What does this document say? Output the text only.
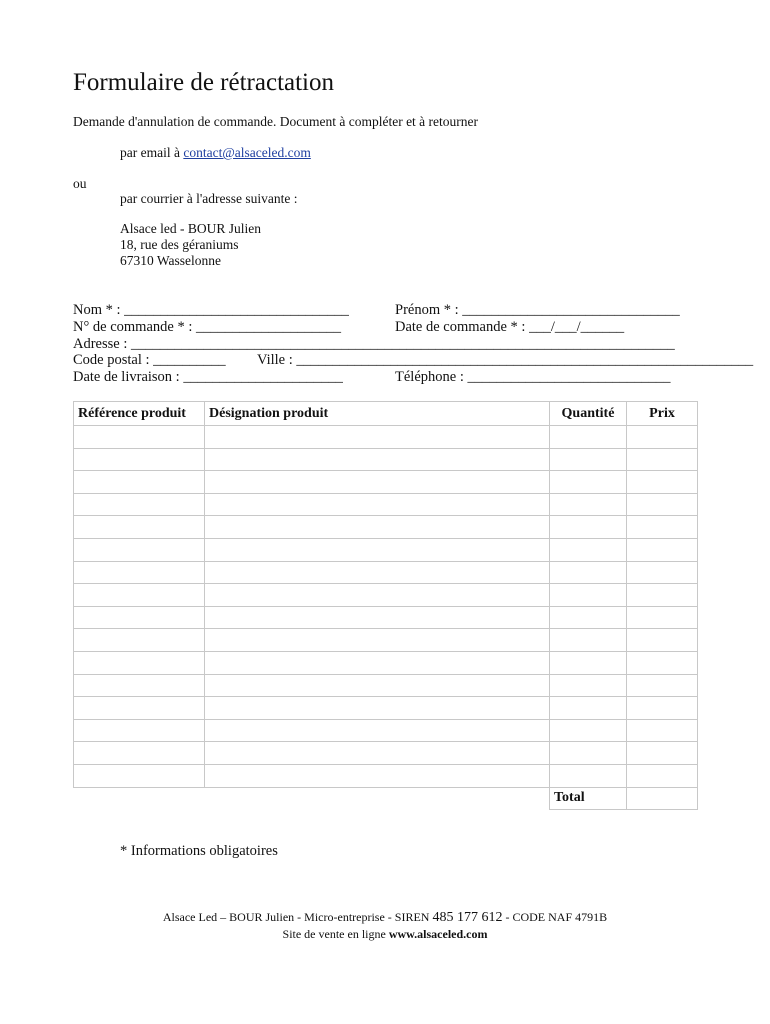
Formulaire de rétractation
Demande d'annulation de commande. Document à compléter et à retourner
par email à contact@alsaceled.com
ou
par courrier à l'adresse suivante :
Alsace led - BOUR Julien
18, rue des géraniums
67310 Wasselonne
Nom * : _______________________________	Prénom * : ______________________________
N° de commande * : ____________________	Date de commande * : ___/___/______
Adresse : ___________________________________________________________________________
Code postal : __________ Ville : _______________________________________________________________
Date de livraison : ______________________	Téléphone : ____________________________
Référence produit	Désignation produit	Quantité	Prix

		Total	
* Informations obligatoires
Alsace Led – BOUR Julien - Micro-entreprise - SIREN 485 177 612 - CODE NAF 4791B
Site de vente en ligne www.alsaceled.com
